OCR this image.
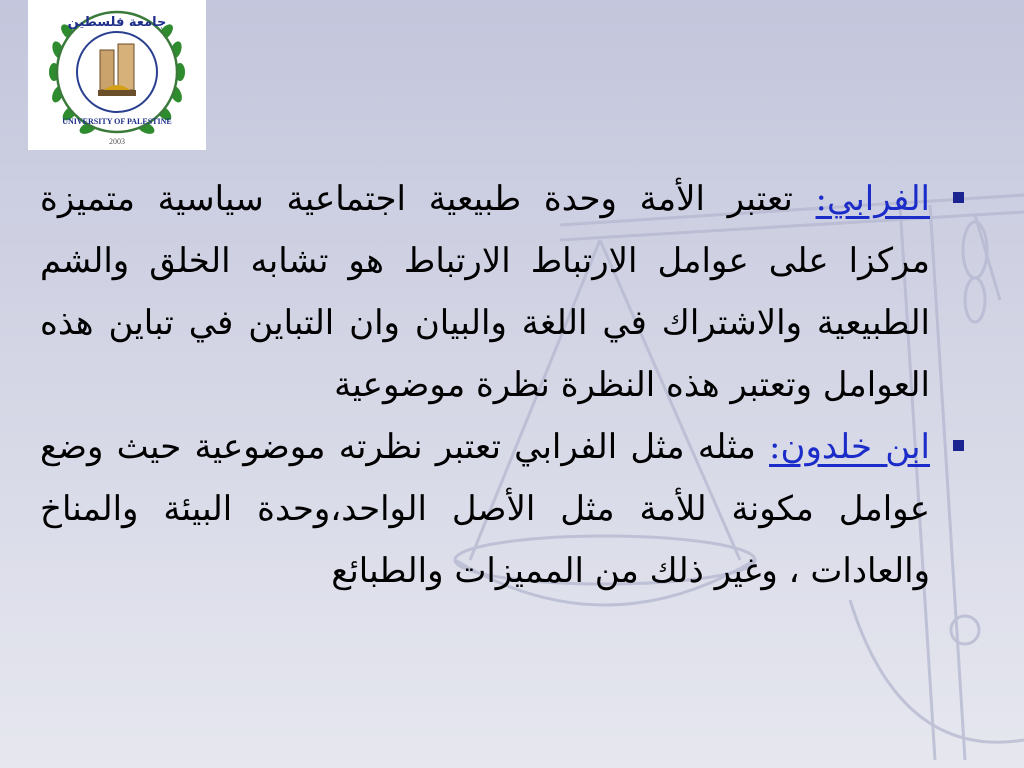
جامعة فلسطين
UNIVERSITY OF PALESTINE
2003
الفرابي: تعتبر الأمة وحدة طبيعية اجتماعية سياسية متميزة مركزا على عوامل الارتباط الارتباط هو تشابه الخلق والشم الطبيعية والاشتراك في اللغة والبيان وان التباين في تباين هذه العوامل وتعتبر هذه النظرة نظرة موضوعية
ابن خلدون: مثله مثل الفرابي تعتبر نظرته موضوعية حيث وضع عوامل مكونة للأمة مثل الأصل الواحد،وحدة البيئة والمناخ والعادات ، وغير ذلك من المميزات والطبائع
